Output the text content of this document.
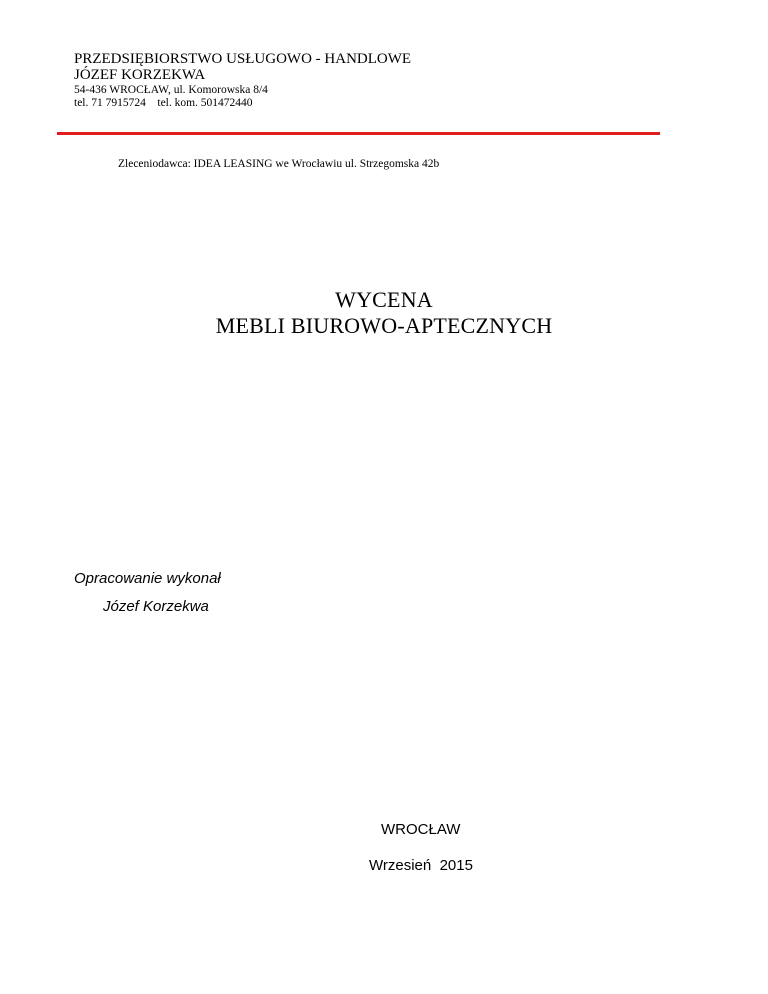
PRZEDSIĘBIORSTWO USŁUGOWO - HANDLOWE
JÓZEF KORZEKWA
54-436 WROCŁAW, ul. Komorowska 8/4
tel. 71 7915724    tel. kom. 501472440
Zleceniodawca: IDEA LEASING we Wrocławiu ul. Strzegomska 42b
WYCENA
MEBLI BIUROWO-APTECZNYCH
Opracowanie wykonał
Józef Korzekwa
WROCŁAW
Wrzesień  2015
